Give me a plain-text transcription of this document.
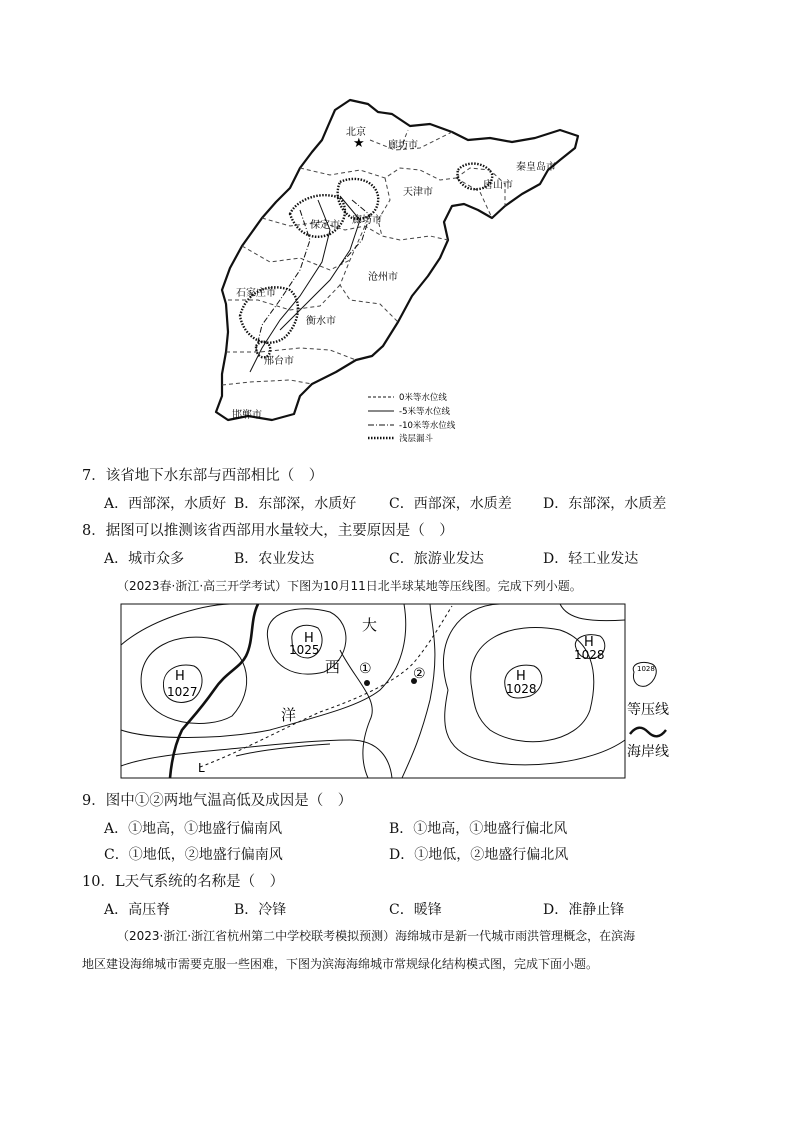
★
北京
廊坊市
秦皇岛市
天津市
唐山市
保定市 廊坊市
沧州市
石家庄市
衡水市
邢台市
邯郸市
0米等水位线
-5米等水位线
-10米等水位线
浅层漏斗
7．该省地下水东部与西部相比（　）
A．西部深，水质好 B．东部深，水质好 C．西部深，水质差 D．东部深，水质差
8．据图可以推测该省西部用水量较大，主要原因是（　）
A．城市众多	B．农业发达	C．旅游业发达	D．轻工业发达
（2023春·浙江·高三开学考试）下图为10月11日北半球某地等压线图。完成下列小题。
H
1027
H
1025
H
1028
H
1028
大
西
洋
①	②
L
1028
等压线
海岸线
9．图中①②两地气温高低及成因是（　）
A．①地高，①地盛行偏南风	B．①地高，①地盛行偏北风
C．①地低，②地盛行偏南风	D．①地低，②地盛行偏北风
10．L天气系统的名称是（　）
A．高压脊	B．冷锋	C．暖锋	D．准静止锋
（2023·浙江·浙江省杭州第二中学校联考模拟预测）海绵城市是新一代城市雨洪管理概念，在滨海
地区建设海绵城市需要克服一些困难，下图为滨海海绵城市常规绿化结构模式图，完成下面小题。
